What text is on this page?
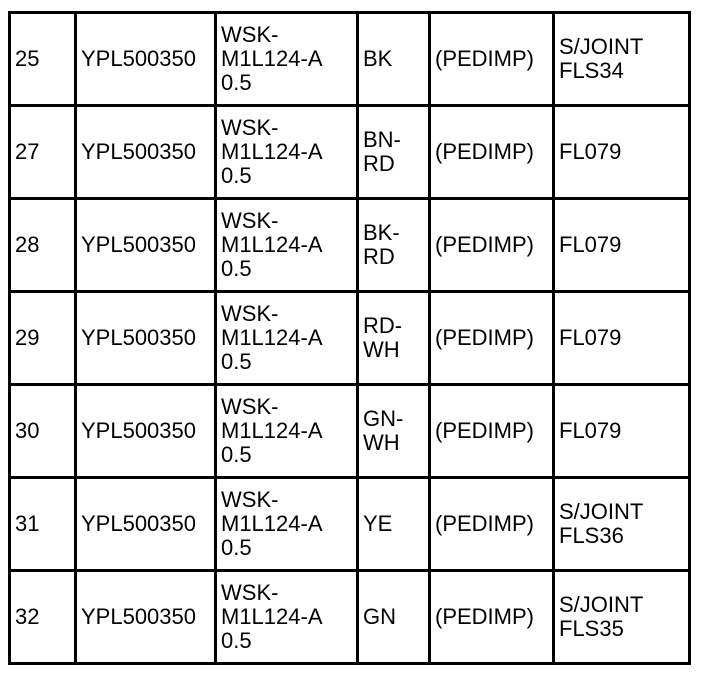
25	YPL500350	WSK-
M1L124-A
0.5	BK	(PEDIMP)	S/JOINT
FLS34

27	YPL500350	WSK-
M1L124-A
0.5	BN-
RD	(PEDIMP)	FL079

28	YPL500350	WSK-
M1L124-A
0.5	BK-
RD	(PEDIMP)	FL079

29	YPL500350	WSK-
M1L124-A
0.5	RD-
WH	(PEDIMP)	FL079

30	YPL500350	WSK-
M1L124-A
0.5	GN-
WH	(PEDIMP)	FL079

31	YPL500350	WSK-
M1L124-A
0.5	YE	(PEDIMP)	S/JOINT
FLS36

32	YPL500350	WSK-
M1L124-A
0.5	GN	(PEDIMP)	S/JOINT
FLS35
